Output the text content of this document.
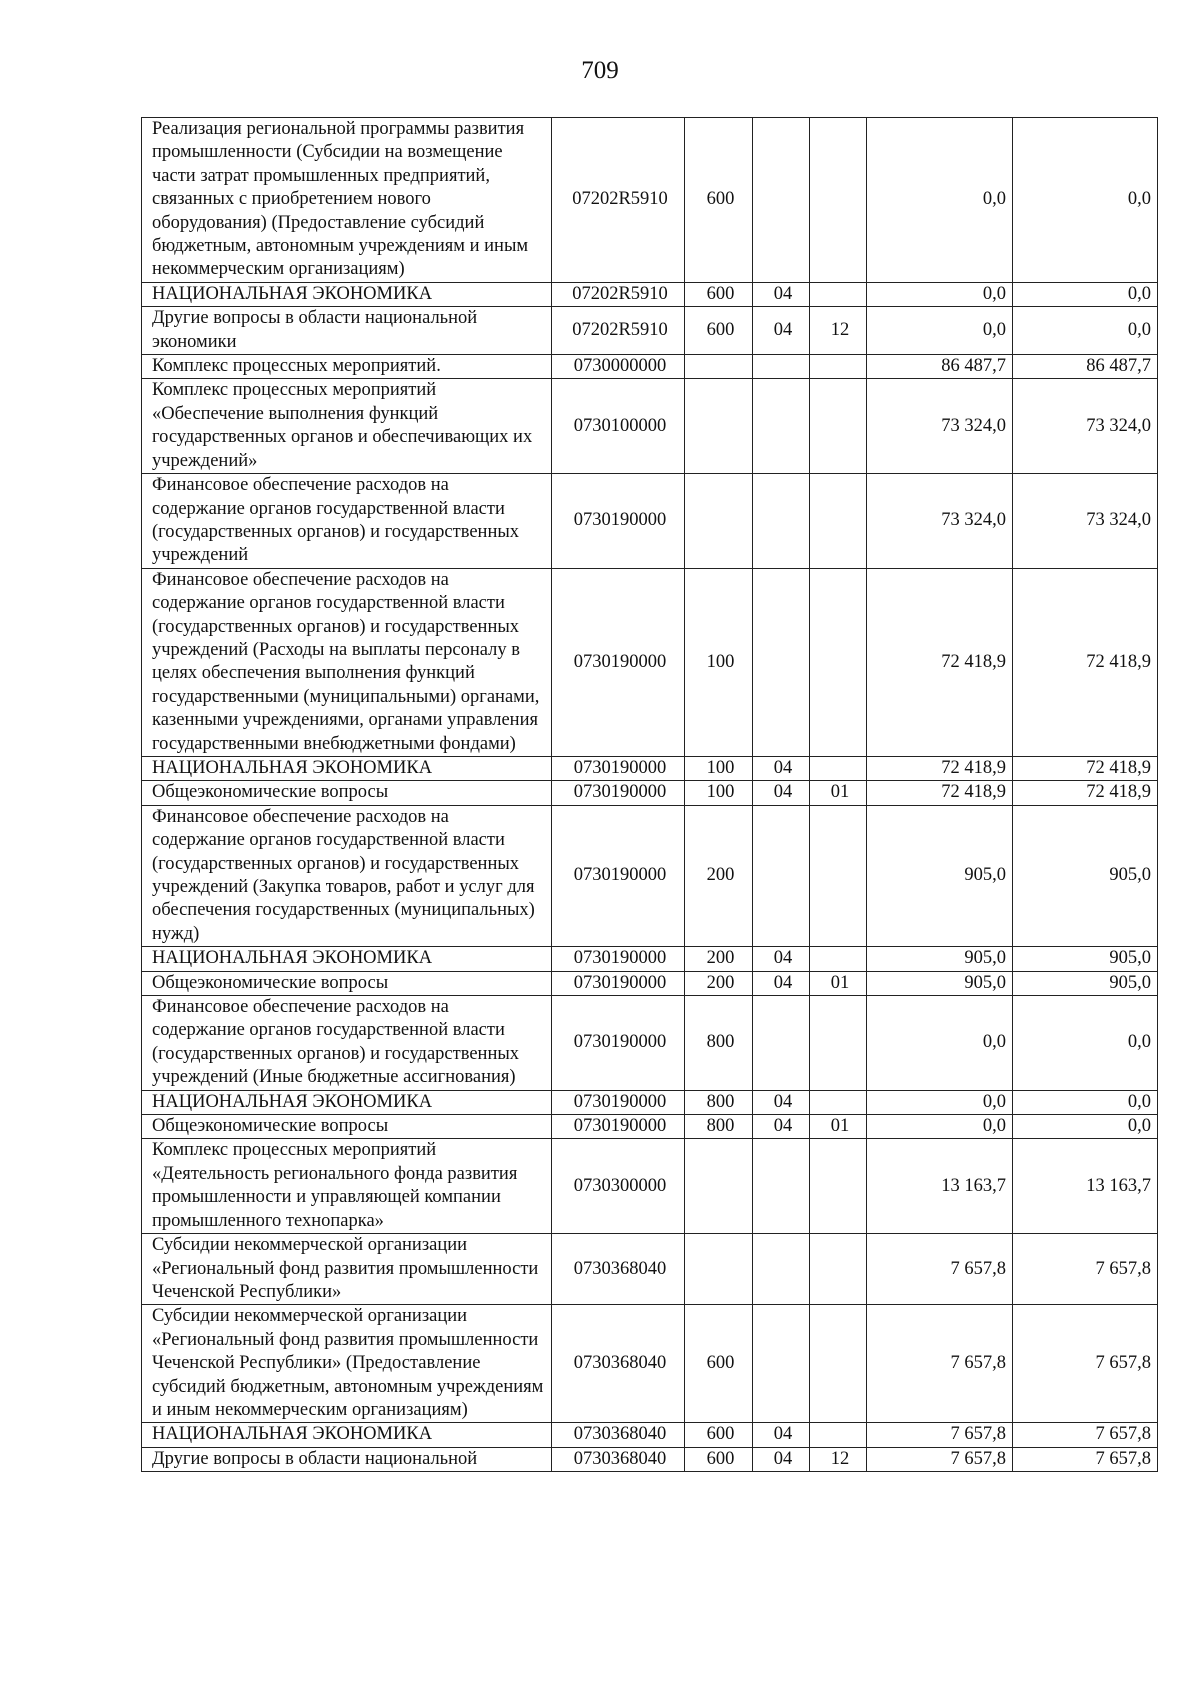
709
Реализация региональной программы развития промышленности (Субсидии на возмещение части затрат промышленных предприятий, связанных с приобретением нового оборудования) (Предоставление субсидий бюджетным, автономным учреждениям и иным некоммерческим организациям)	07202R5910	600			0,0	0,0
НАЦИОНАЛЬНАЯ ЭКОНОМИКА	07202R5910	600	04		0,0	0,0
Другие вопросы в области национальной экономики	07202R5910	600	04	12	0,0	0,0
Комплекс процессных мероприятий.	0730000000				86 487,7	86 487,7
Комплекс процессных мероприятий «Обеспечение выполнения функций государственных органов и обеспечивающих их учреждений»	0730100000				73 324,0	73 324,0
Финансовое обеспечение расходов на содержание органов государственной власти (государственных органов) и государственных учреждений	0730190000				73 324,0	73 324,0
Финансовое обеспечение расходов на содержание органов государственной власти (государственных органов) и государственных учреждений (Расходы на выплаты персоналу в целях обеспечения выполнения функций государственными (муниципальными) органами, казенными учреждениями, органами управления государственными внебюджетными фондами)	0730190000	100			72 418,9	72 418,9
НАЦИОНАЛЬНАЯ ЭКОНОМИКА	0730190000	100	04		72 418,9	72 418,9
Общеэкономические вопросы	0730190000	100	04	01	72 418,9	72 418,9
Финансовое обеспечение расходов на содержание органов государственной власти (государственных органов) и государственных учреждений (Закупка товаров, работ и услуг для обеспечения государственных (муниципальных) нужд)	0730190000	200			905,0	905,0
НАЦИОНАЛЬНАЯ ЭКОНОМИКА	0730190000	200	04		905,0	905,0
Общеэкономические вопросы	0730190000	200	04	01	905,0	905,0
Финансовое обеспечение расходов на содержание органов государственной власти (государственных органов) и государственных учреждений (Иные бюджетные ассигнования)	0730190000	800			0,0	0,0
НАЦИОНАЛЬНАЯ ЭКОНОМИКА	0730190000	800	04		0,0	0,0
Общеэкономические вопросы	0730190000	800	04	01	0,0	0,0
Комплекс процессных мероприятий «Деятельность регионального фонда развития промышленности и управляющей компании промышленного технопарка»	0730300000				13 163,7	13 163,7
Субсидии некоммерческой организации «Региональный фонд развития промышленности Чеченской Республики»	0730368040				7 657,8	7 657,8
Субсидии некоммерческой организации «Региональный фонд развития промышленности Чеченской Республики» (Предоставление субсидий бюджетным, автономным учреждениям и иным некоммерческим организациям)	0730368040	600			7 657,8	7 657,8
НАЦИОНАЛЬНАЯ ЭКОНОМИКА	0730368040	600	04		7 657,8	7 657,8
Другие вопросы в области национальной	0730368040	600	04	12	7 657,8	7 657,8
